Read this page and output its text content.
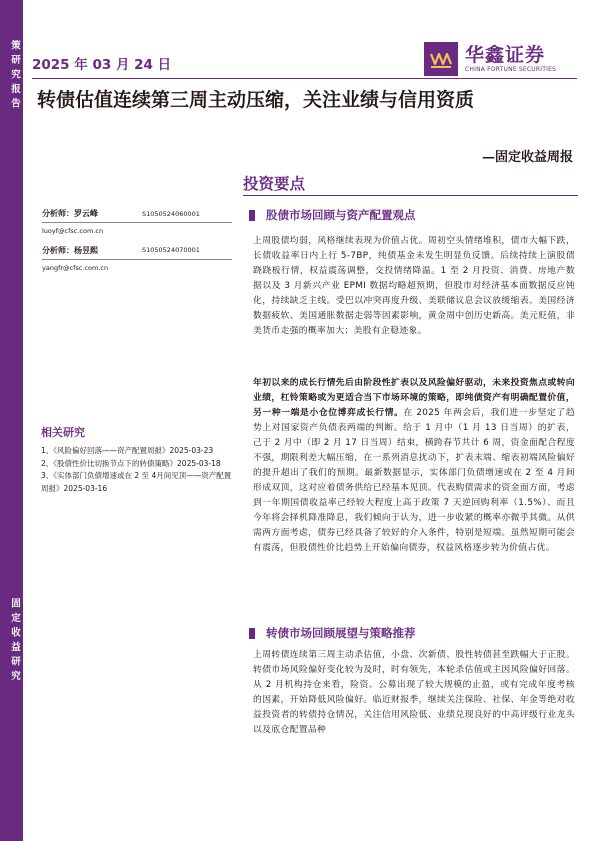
策研究报告
固定收益研究
2025 年 03 月 24 日	华鑫证券
CHINA FORTUNE SECURITIES
转债估值连续第三周主动压缩，关注业绩与信用资质
—固定收益周报
投资要点
分析师：罗云峰	S1050524060001
luoyf@cfsc.com.cn
分析师：杨昱熙	S1050524070001
yangfr@cfsc.com.cn
相关研究
1、《风险偏好回落——资产配置周报》2025-03-23
2、《股债性价比切换节点下的转债策略》2025-03-18
3、《实体部门负债增速或在 2 至 4月间见顶——资产配置周报》2025-03-16
股债市场回顾与资产配置观点

上周股债均弱，风格继续表现为价值占优。周初空头情绪堆积，债市大幅下跌，长债收益率日内上行 5-7BP，纯债基金未发生明显负反馈。后续持续上演股债跷跷板行情，权益震荡调整，交投情绪降温。1 至 2 月投资、消费、房地产数据以及 3 月新兴产业 EPMI 数据均略超预期，但股市对经济基本面数据反应钝化，持续缺乏主线。受巴以冲突再度升级、美联储议息会议放缓缩表、美国经济数据疲软、美国通胀数据走弱等因素影响，黄金周中创历史新高。美元贬值，非美货币走强的概率加大；美股有企稳迹象。

年初以来的成长行情先后由阶段性扩表以及风险偏好驱动，未来投资焦点或转向业绩，杠铃策略或为更适合当下市场环境的策略，即纯债资产有明确配置价值，另一种一端是小仓位博弈成长行情。在 2025 年两会后，我们进一步坚定了趋势上对国家资产负债表两端的判断。给于 1 月中（1 月 13 日当周）的扩表，己于 2 月中（即 2 月 17 日当周）结束，横跨春节共计 6 周，资金面配合程度不强，期限利差大幅压缩，在一系列消息扰动下，扩表末端、缩表初端风险偏好的提升超出了我们的预期。最新数据显示，实体部门负债增速或在 2 至 4 月间形成双顶，这对应着债务供给已经基本见顶。代表购债需求的资金面方面，考虑到一年期国债收益率己经较大程度上高于政策 7 天逆回购利率（1.5%）、而且今年将会择机降准降息，我们倾向于认为，进一步收紧的概率亦微乎其微。从供需两方面考虑，债券已经具备了较好的介入条件，特别是短端。虽然短期可能会有震荡，但股债性价比趋势上开始偏向债券，权益风格逐步转为价值占优。

转债市场回顾展望与策略推荐

上周转债连续第三周主动杀估值，小盘、次新债、股性转债甚至跌幅大于正股。转债市场风险偏好变化较为及时，时有领先，本轮杀估值或主因风险偏好回落。从 2 月机构持仓来看，险资、公募出现了较大规模的止盈，或有完成年度考核的因素，开始降低风险偏好。临近财报季，继续关注保险、社保、年金等绝对收益投资者的转债持仓情况，关注信用风险低、业绩兑现良好的中高评级行业龙头以及底仓配置品种
